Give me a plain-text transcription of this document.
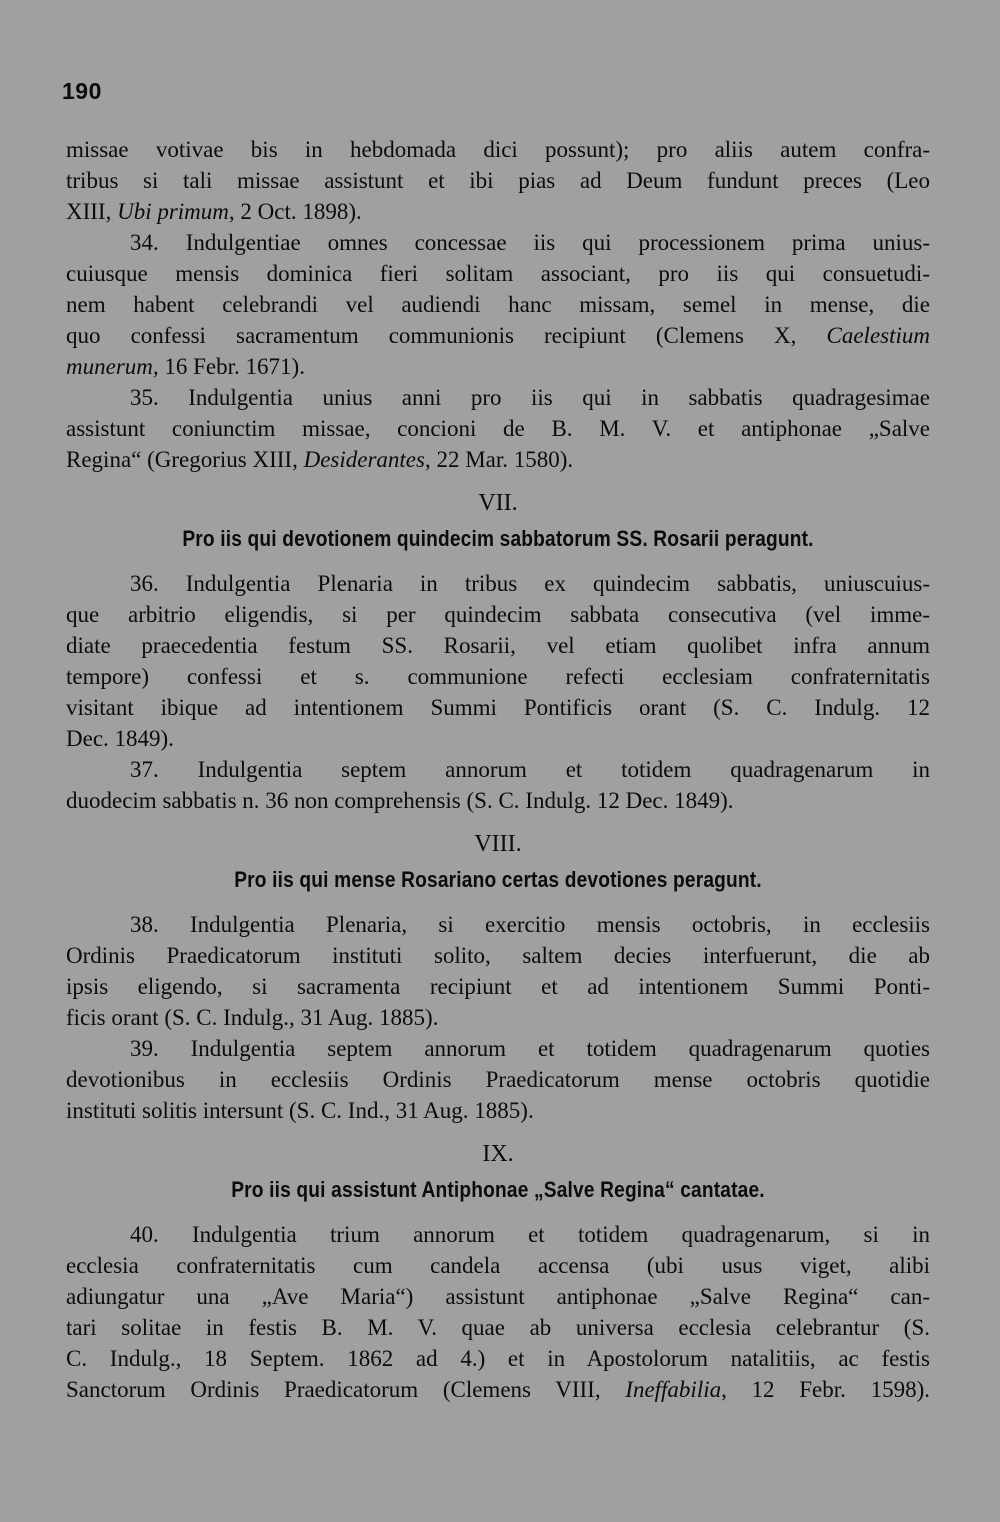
190
missae votivae bis in hebdomada dici possunt); pro aliis autem confra-
tribus si tali missae assistunt et ibi pias ad Deum fundunt preces (Leo
XIII, Ubi primum, 2 Oct. 1898).
34. Indulgentiae omnes concessae iis qui processionem prima unius-
cuiusque mensis dominica fieri solitam associant, pro iis qui consuetudi-
nem habent celebrandi vel audiendi hanc missam, semel in mense, die
quo confessi sacramentum communionis recipiunt (Clemens X, Caelestium
munerum, 16 Febr. 1671).
35. Indulgentia unius anni pro iis qui in sabbatis quadragesimae
assistunt coniunctim missae, concioni de B. M. V. et antiphonae „Salve
Regina“ (Gregorius XIII, Desiderantes, 22 Mar. 1580).
VII.
Pro iis qui devotionem quindecim sabbatorum SS. Rosarii peragunt.
36. Indulgentia Plenaria in tribus ex quindecim sabbatis, uniuscuius-
que arbitrio eligendis, si per quindecim sabbata consecutiva (vel imme-
diate praecedentia festum SS. Rosarii, vel etiam quolibet infra annum
tempore) confessi et s. communione refecti ecclesiam confraternitatis
visitant ibique ad intentionem Summi Pontificis orant (S. C. Indulg. 12
Dec. 1849).
37. Indulgentia septem annorum et totidem quadragenarum in
duodecim sabbatis n. 36 non comprehensis (S. C. Indulg. 12 Dec. 1849).
VIII.
Pro iis qui mense Rosariano certas devotiones peragunt.
38. Indulgentia Plenaria, si exercitio mensis octobris, in ecclesiis
Ordinis Praedicatorum instituti solito, saltem decies interfuerunt, die ab
ipsis eligendo, si sacramenta recipiunt et ad intentionem Summi Ponti-
ficis orant (S. C. Indulg., 31 Aug. 1885).
39. Indulgentia septem annorum et totidem quadragenarum quoties
devotionibus in ecclesiis Ordinis Praedicatorum mense octobris quotidie
instituti solitis intersunt (S. C. Ind., 31 Aug. 1885).
IX.
Pro iis qui assistunt Antiphonae „Salve Regina“ cantatae.
40. Indulgentia trium annorum et totidem quadragenarum, si in
ecclesia confraternitatis cum candela accensa (ubi usus viget, alibi
adiungatur una „Ave Maria“) assistunt antiphonae „Salve Regina“ can-
tari solitae in festis B. M. V. quae ab universa ecclesia celebrantur (S.
C. Indulg., 18 Septem. 1862 ad 4.) et in Apostolorum natalitiis, ac festis
Sanctorum Ordinis Praedicatorum (Clemens VIII, Ineffabilia, 12 Febr. 1598).
